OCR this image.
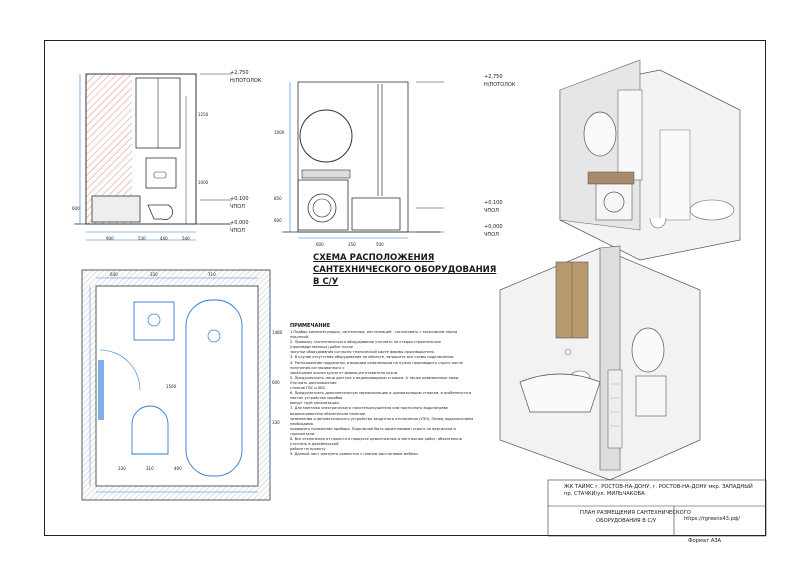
+2,750
Н/ПОТОЛОК
+0,100
ЧПОЛ
+0,000
ЧПОЛ
900	530	440	540
1250
1000
600
+2,750
Н/ПОТОЛОК
+0,100
ЧПОЛ
+0,000
ЧПОЛ
600	350	500
1000
850
600
640	330	710
1480
600
330
1560
330	310	400
СХЕМА РАСПОЛОЖЕНИЯ
САНТЕХНИЧЕСКОГО ОБОРУДОВАНИЯ
В С/У
ПРИМЕЧАНИЕ
1.Подбор комплектующих, сантехники, инсталляций - согласовать с заказчиком перед
покупкой.
2. Привязку сантехнического оборудования уточнить на стадии строительных
(производственных) работ после
закупки оборудования согласно технической карте фирмы-производителя.
3. В случае отсутствия оборудования на объекте, запросить все схемы подключения.
4. Расположение подрозеток и выводов канализации на нужно производить строго после
получения согласованного с
заказчиком эскиза кухни от фирмы-изготовителя кухни.
5. Предусмотреть лючи доступа к водопроводным стоякам. А также ревизионные люки.
Уточнить расположение
стояков ГВС и ХВС.
6. Предусмотреть дополнительную звукоизоляцию и шумоизоляцию стоякам, в особенности в
местах устройства коробов
вокруг труб канализации.
7. Для монтажа электрического полотенцесушителя или проточного водонагрева
водонагревателя обязательно наличие
заземления и автоматического устройства защитного отключения (УЗО). Перед подключением
необходимо
проверить положение прибора. Подключая быть ориентирован строго по вертикали и
горизонтали.
8. Все отклонения от проекта в процессе демонтажных и монтажных работ, обязательно
уточнять в дизайнерской
работе по проекту
9. Данный лист смотреть совместно с планом расстановки мебели.
ЖК ТАЙМС г. РОСТОВ-НА-ДОНУ, г. РОСТОВ-НА-ДОНУ мкр. ЗАПАДНЫЙ пр. СТАЧКИ/ул. МИЛЬЧАКОВА
ПЛАН РАЗМЕЩЕНИЯ САНТЕХНИЧЕСКОГО
ОБОРУДОВАНИЯ В С/У	https://rgreens43.pф/
Формат А3А
